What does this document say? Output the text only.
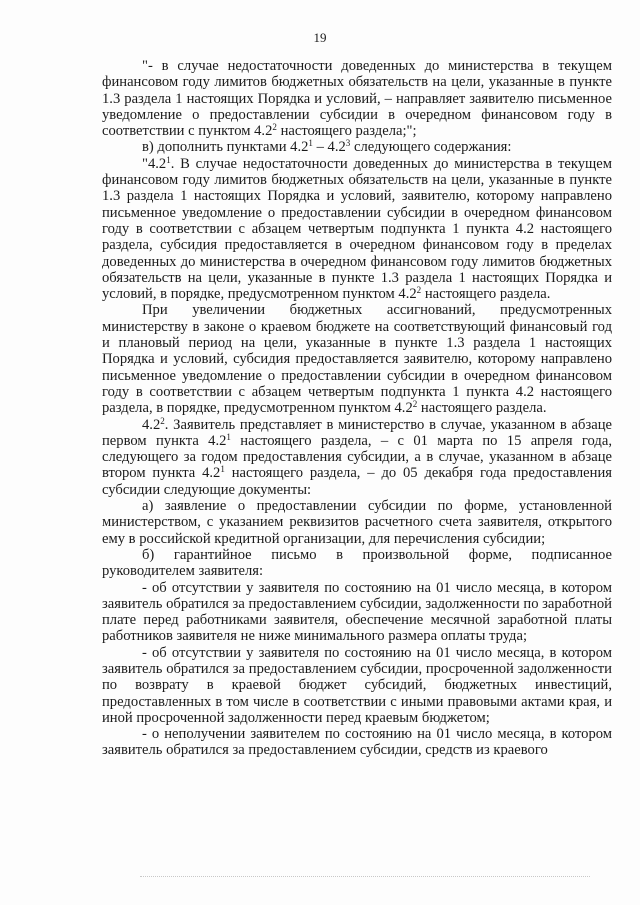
19

"- в случае недостаточности доведенных до министерства в текущем финансовом году лимитов бюджетных обязательств на цели, указанные в пункте 1.3 раздела 1 настоящих Порядка и условий, – направляет заявителю письменное уведомление о предоставлении субсидии в очередном финансовом году в соответствии с пунктом $4.2^2$ настоящего раздела;";

в) дополнить пунктами $4.2^1 - 4.2^3$ следующего содержания:

"$4.2^1$. В случае недостаточности доведенных до министерства в текущем финансовом году лимитов бюджетных обязательств на цели, указанные в пункте 1.3 раздела 1 настоящих Порядка и условий, заявителю, которому направлено письменное уведомление о предоставлении субсидии в очередном финансовом году в соответствии с абзацем четвертым подпункта 1 пункта 4.2 настоящего раздела, субсидия предоставляется в очередном финансовом году в пределах доведенных до министерства в очередном финансовом году лимитов бюджетных обязательств на цели, указанные в пункте 1.3 раздела 1 настоящих Порядка и условий, в порядке, предусмотренном пунктом $4.2^2$ настоящего раздела.

При увеличении бюджетных ассигнований, предусмотренных министерству в законе о краевом бюджете на соответствующий финансовый год и плановый период на цели, указанные в пункте 1.3 раздела 1 настоящих Порядка и условий, субсидия предоставляется заявителю, которому направлено письменное уведомление о предоставлении субсидии в очередном финансовом году в соответствии с абзацем четвертым подпункта 1 пункта 4.2 настоящего раздела, в порядке, предусмотренном пунктом $4.2^2$ настоящего раздела.

$4.2^2$. Заявитель представляет в министерство в случае, указанном в абзаце первом пункта $4.2^1$ настоящего раздела, – с 01 марта по 15 апреля года, следующего за годом предоставления субсидии, а в случае, указанном в абзаце втором пункта $4.2^1$ настоящего раздела, – до 05 декабря года предоставления субсидии следующие документы:

а) заявление о предоставлении субсидии по форме, установленной министерством, с указанием реквизитов расчетного счета заявителя, открытого ему в российской кредитной организации, для перечисления субсидии;

б) гарантийное письмо в произвольной форме, подписанное руководителем заявителя:

- об отсутствии у заявителя по состоянию на 01 число месяца, в котором заявитель обратился за предоставлением субсидии, задолженности по заработной плате перед работниками заявителя, обеспечение месячной заработной платы работников заявителя не ниже минимального размера оплаты труда;

- об отсутствии у заявителя по состоянию на 01 число месяца, в котором заявитель обратился за предоставлением субсидии, просроченной задолженности по возврату в краевой бюджет субсидий, бюджетных инвестиций, предоставленных в том числе в соответствии с иными правовыми актами края, и иной просроченной задолженности перед краевым бюджетом;

- о неполучении заявителем по состоянию на 01 число месяца, в котором заявитель обратился за предоставлением субсидии, средств из краевого
